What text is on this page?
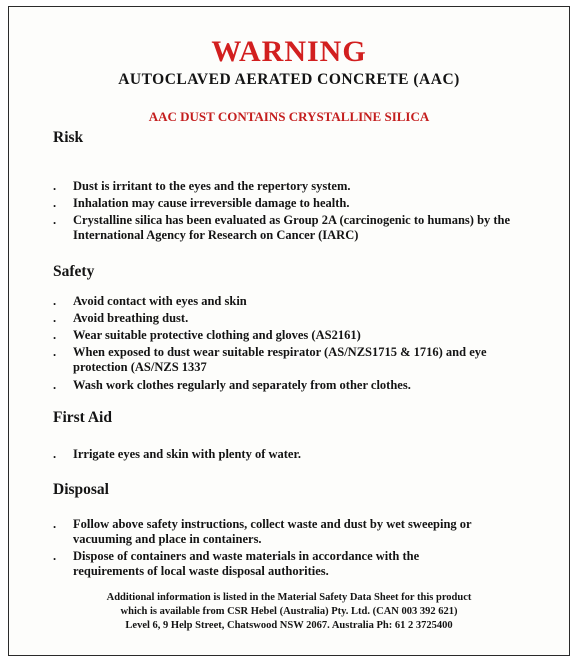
WARNING
AUTOCLAVED AERATED CONCRETE (AAC)
AAC DUST CONTAINS CRYSTALLINE SILICA
Risk
.	Dust is irritant to the eyes and the repertory system.
.	Inhalation may cause irreversible damage to health.
.	Crystalline silica has been evaluated as Group 2A (carcinogenic to humans) by the International Agency for Research on Cancer (IARC)
Safety
.	Avoid contact with eyes and skin
.	Avoid breathing dust.
.	Wear suitable protective clothing and gloves (AS2161)
.	When exposed to dust wear suitable respirator (AS/NZS1715 & 1716) and eye protection (AS/NZS 1337
.	Wash work clothes regularly and separately from other clothes.
First Aid
.	Irrigate eyes and skin with plenty of water.
Disposal
.	Follow above safety instructions, collect waste and dust by wet sweeping or vacuuming and place in containers.
.	Dispose of containers and waste materials in accordance with the requirements of local waste disposal authorities.
Additional information is listed in the Material Safety Data Sheet for this product
which is available from CSR Hebel (Australia) Pty. Ltd. (CAN 003 392 621)
Level 6, 9 Help Street, Chatswood NSW 2067. Australia Ph: 61 2 3725400
